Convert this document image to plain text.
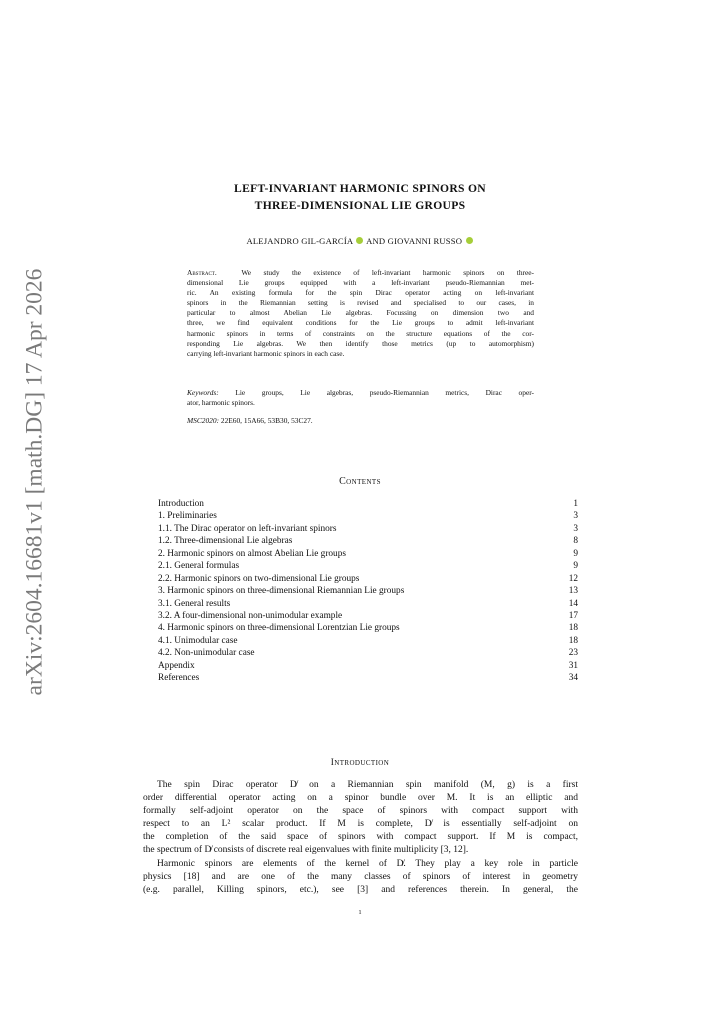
arXiv:2604.16681v1 [math.DG] 17 Apr 2026
LEFT-INVARIANT HARMONIC SPINORS ON
THREE-DIMENSIONAL LIE GROUPS
ALEJANDRO GIL-GARCÍA AND GIOVANNI RUSSO
Abstract.	We study the existence of left-invariant harmonic spinors on three-
dimensional Lie groups equipped with a left-invariant pseudo-Riemannian met-
ric. An existing formula for the spin Dirac operator acting on left-invariant
spinors in the Riemannian setting is revised and specialised to our cases, in
particular to almost Abelian Lie algebras. Focussing on dimension two and
three, we find equivalent conditions for the Lie groups to admit left-invariant
harmonic spinors in terms of constraints on the structure equations of the cor-
responding Lie algebras. We then identify those metrics (up to automorphism)
carrying left-invariant harmonic spinors in each case.
Keywords: Lie groups, Lie algebras, pseudo-Riemannian metrics, Dirac oper-
ator, harmonic spinors.
MSC2020: 22E60, 15A66, 53B30, 53C27.
Contents
Introduction	1
1. Preliminaries	3
1.1. The Dirac operator on left-invariant spinors	3
1.2. Three-dimensional Lie algebras	8
2. Harmonic spinors on almost Abelian Lie groups	9
2.1. General formulas	9
2.2. Harmonic spinors on two-dimensional Lie groups	12
3. Harmonic spinors on three-dimensional Riemannian Lie groups	13
3.1. General results	14
3.2. A four-dimensional non-unimodular example	17
4. Harmonic spinors on three-dimensional Lorentzian Lie groups	18
4.1. Unimodular case	18
4.2. Non-unimodular case	23
Appendix	31
References	34
Introduction
The spin Dirac operator D̸ on a Riemannian spin manifold (M, g) is a first
order differential operator acting on a spinor bundle over M. It is an elliptic and
formally self-adjoint operator on the space of spinors with compact support with
respect to an L² scalar product. If M is complete, D̸ is essentially self-adjoint on
the completion of the said space of spinors with compact support. If M is compact,
the spectrum of D̸ consists of discrete real eigenvalues with finite multiplicity [3, 12].
Harmonic spinors are elements of the kernel of D̸. They play a key role in particle
physics [18] and are one of the many classes of spinors of interest in geometry
(e.g. parallel, Killing spinors, etc.), see [3] and references therein. In general, the
1
